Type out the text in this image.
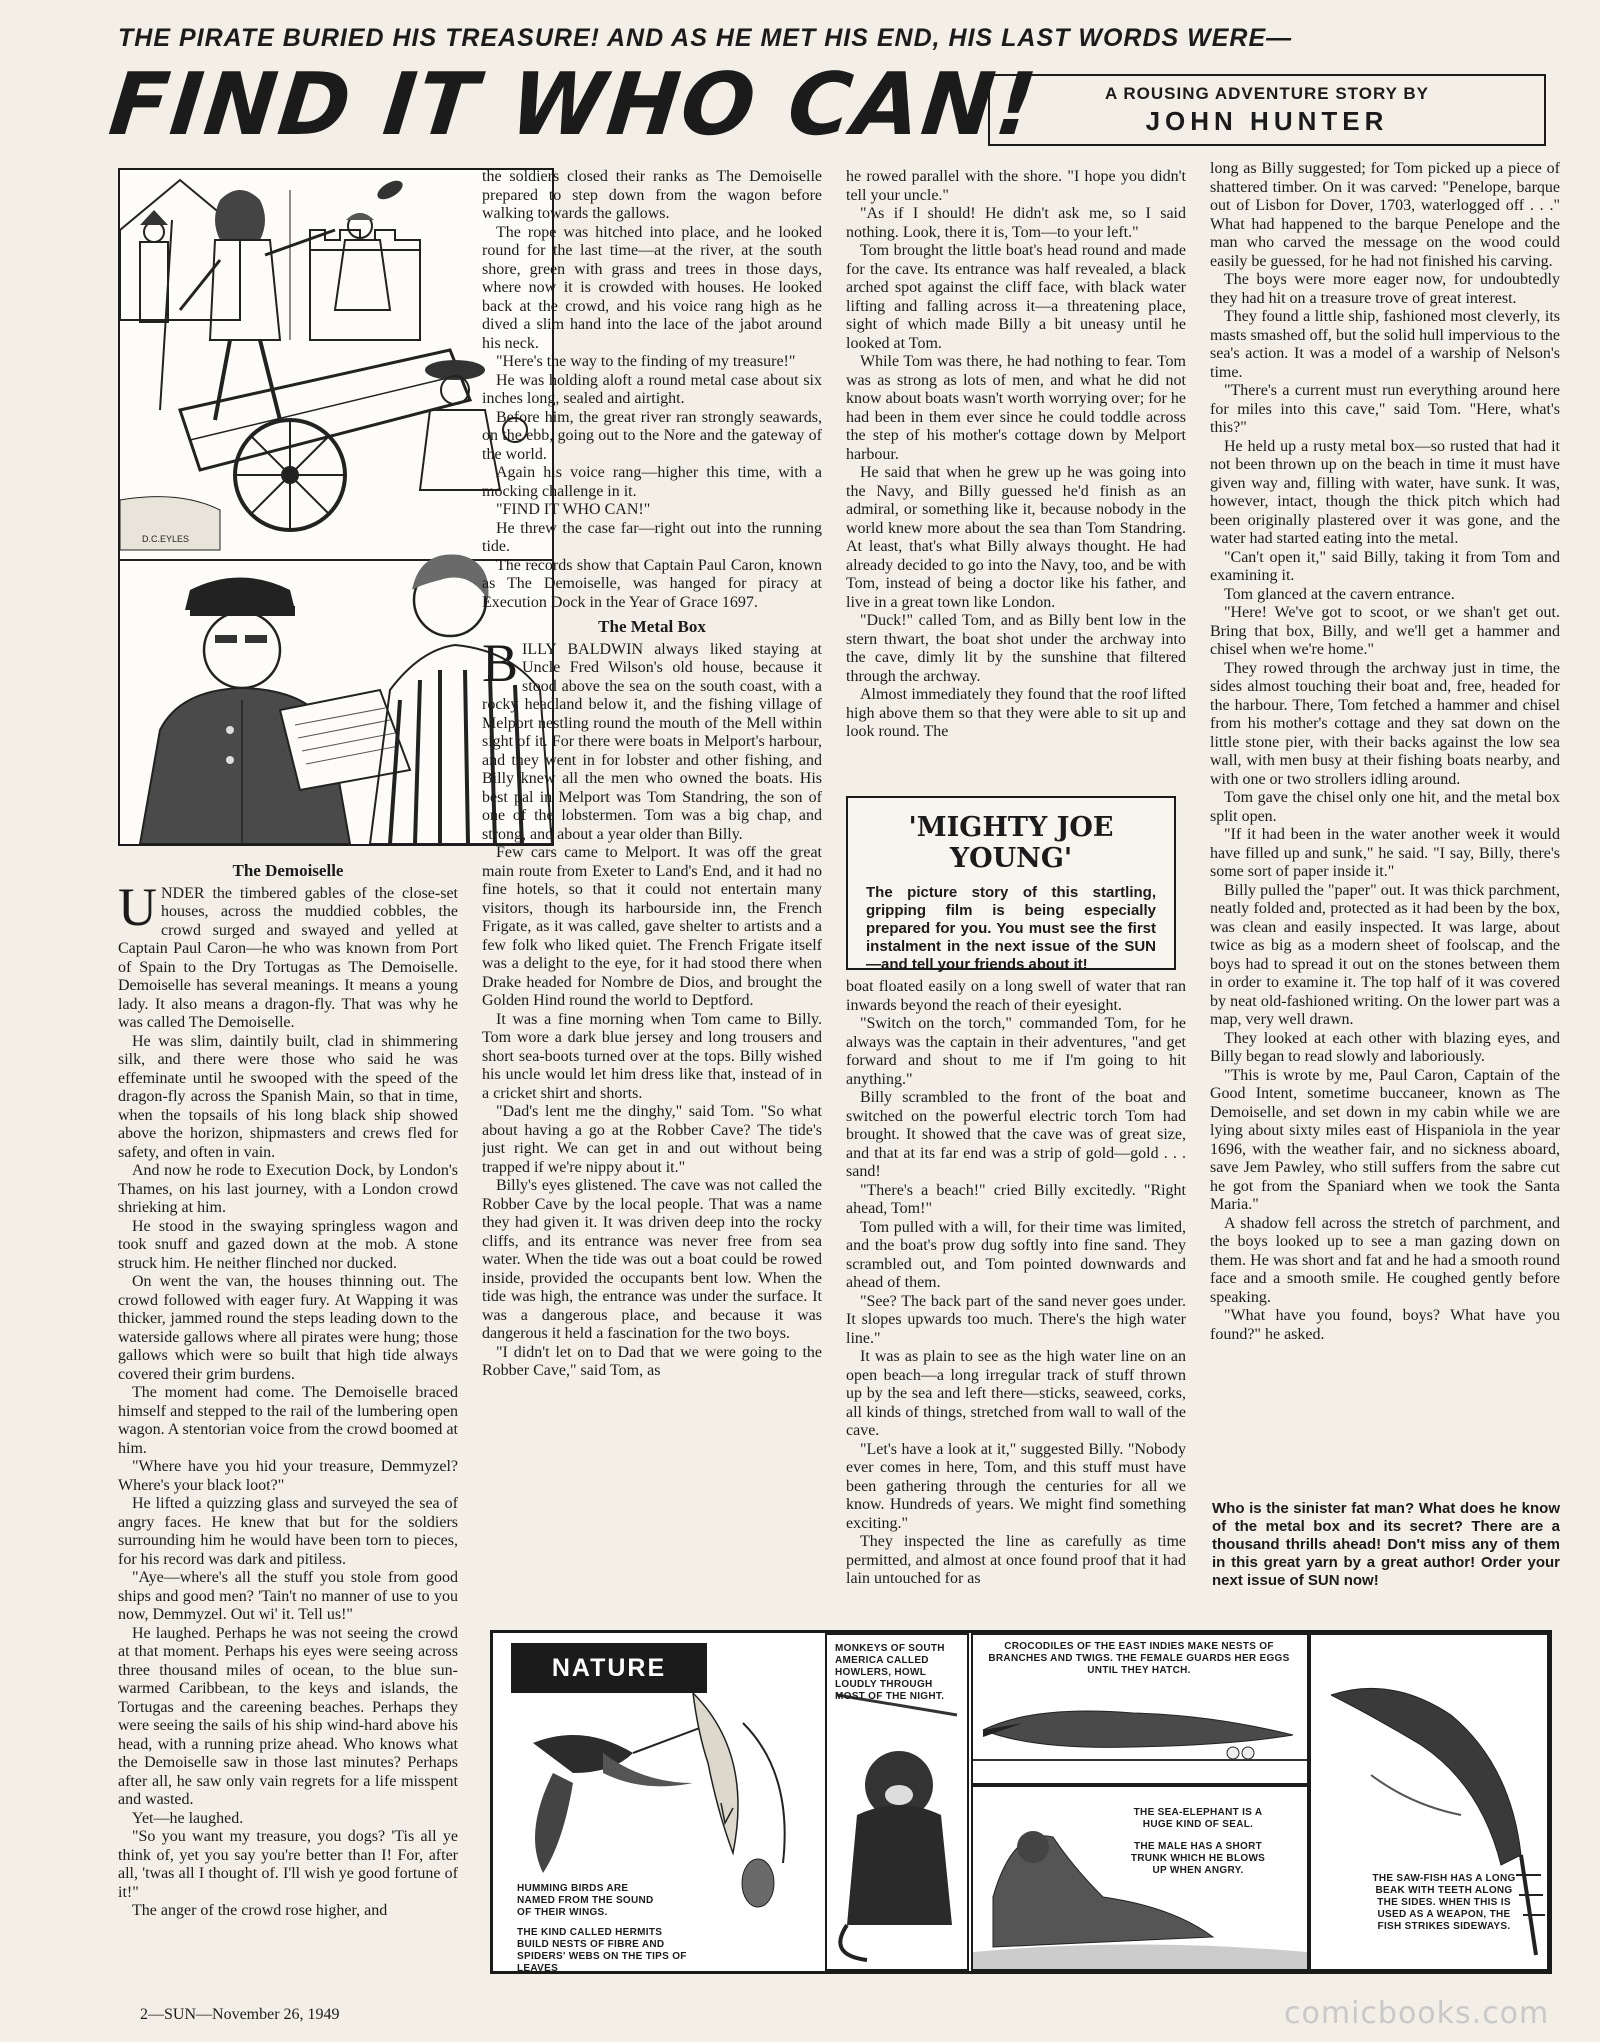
THE PIRATE BURIED HIS TREASURE! AND AS HE MET HIS END, HIS LAST WORDS WERE—
FIND IT WHO CAN!	A ROUSING ADVENTURE STORY BY
JOHN HUNTER
D.C.EYLES
The Demoiselle
U NDER the timbered gables of the close-set houses, across the muddied cobbles, the crowd surged and swayed and yelled at Captain Paul Caron—he who was known from Port of Spain to the Dry Tortugas as The Demoiselle. Demoiselle has several meanings. It means a young lady. It also means a dragon-fly. That was why he was called The Demoiselle.

He was slim, daintily built, clad in shimmering silk, and there were those who said he was effeminate until he swooped with the speed of the dragon-fly across the Spanish Main, so that in time, when the topsails of his long black ship showed above the horizon, shipmasters and crews fled for safety, and often in vain.

And now he rode to Execution Dock, by London's Thames, on his last journey, with a London crowd shrieking at him.

He stood in the swaying springless wagon and took snuff and gazed down at the mob. A stone struck him. He neither flinched nor ducked.

On went the van, the houses thinning out. The crowd followed with eager fury. At Wapping it was thicker, jammed round the steps leading down to the waterside gallows where all pirates were hung; those gallows which were so built that high tide always covered their grim burdens.

The moment had come. The Demoiselle braced himself and stepped to the rail of the lumbering open wagon. A stentorian voice from the crowd boomed at him.

"Where have you hid your treasure, Demmyzel? Where's your black loot?"

He lifted a quizzing glass and surveyed the sea of angry faces. He knew that but for the soldiers surrounding him he would have been torn to pieces, for his record was dark and pitiless.

"Aye—where's all the stuff you stole from good ships and good men? 'Tain't no manner of use to you now, Demmyzel. Out wi' it. Tell us!"

He laughed. Perhaps he was not seeing the crowd at that moment. Perhaps his eyes were seeing across three thousand miles of ocean, to the blue sun-warmed Caribbean, to the keys and islands, the Tortugas and the careening beaches. Perhaps they were seeing the sails of his ship wind-hard above his head, with a running prize ahead. Who knows what the Demoiselle saw in those last minutes? Perhaps after all, he saw only vain regrets for a life misspent and wasted.

Yet—he laughed.

"So you want my treasure, you dogs? 'Tis all ye think of, yet you say you're better than I! For, after all, 'twas all I thought of. I'll wish ye good fortune of it!"

The anger of the crowd rose higher, and

the soldiers closed their ranks as The Demoiselle prepared to step down from the wagon before walking towards the gallows.

The rope was hitched into place, and he looked round for the last time—at the river, at the south shore, green with grass and trees in those days, where now it is crowded with houses. He looked back at the crowd, and his voice rang high as he dived a slim hand into the lace of the jabot around his neck.

"Here's the way to the finding of my treasure!"

He was holding aloft a round metal case about six inches long, sealed and airtight.

Before him, the great river ran strongly seawards, on the ebb, going out to the Nore and the gateway of the world.

Again his voice rang—higher this time, with a mocking challenge in it.

"FIND IT WHO CAN!"

He threw the case far—right out into the running tide.

The records show that Captain Paul Caron, known as The Demoiselle, was hanged for piracy at Execution Dock in the Year of Grace 1697.

The Metal Box
B ILLY BALDWIN always liked staying at Uncle Fred Wilson's old house, because it stood above the sea on the south coast, with a rocky headland below it, and the fishing village of Melport nestling round the mouth of the Mell within sight of it. For there were boats in Melport's harbour, and they went in for lobster and other fishing, and Billy knew all the men who owned the boats. His best pal in Melport was Tom Standring, the son of one of the lobstermen. Tom was a big chap, and strong, and about a year older than Billy.

Few cars came to Melport. It was off the great main route from Exeter to Land's End, and it had no fine hotels, so that it could not entertain many visitors, though its harbourside inn, the French Frigate, as it was called, gave shelter to artists and a few folk who liked quiet. The French Frigate itself was a delight to the eye, for it had stood there when Drake headed for Nombre de Dios, and brought the Golden Hind round the world to Deptford.

It was a fine morning when Tom came to Billy. Tom wore a dark blue jersey and long trousers and short sea-boots turned over at the tops. Billy wished his uncle would let him dress like that, instead of in a cricket shirt and shorts.

"Dad's lent me the dinghy," said Tom. "So what about having a go at the Robber Cave? The tide's just right. We can get in and out without being trapped if we're nippy about it."

Billy's eyes glistened. The cave was not called the Robber Cave by the local people. That was a name they had given it. It was driven deep into the rocky cliffs, and its entrance was never free from sea water. When the tide was out a boat could be rowed inside, provided the occupants bent low. When the tide was high, the entrance was under the surface. It was a dangerous place, and because it was dangerous it held a fascination for the two boys.

"I didn't let on to Dad that we were going to the Robber Cave," said Tom, as

he rowed parallel with the shore. "I hope you didn't tell your uncle."

"As if I should! He didn't ask me, so I said nothing. Look, there it is, Tom—to your left."

Tom brought the little boat's head round and made for the cave. Its entrance was half revealed, a black arched spot against the cliff face, with black water lifting and falling across it—a threatening place, sight of which made Billy a bit uneasy until he looked at Tom.

While Tom was there, he had nothing to fear. Tom was as strong as lots of men, and what he did not know about boats wasn't worth worrying over; for he had been in them ever since he could toddle across the step of his mother's cottage down by Melport harbour.

He said that when he grew up he was going into the Navy, and Billy guessed he'd finish as an admiral, or something like it, because nobody in the world knew more about the sea than Tom Standring. At least, that's what Billy always thought. He had already decided to go into the Navy, too, and be with Tom, instead of being a doctor like his father, and live in a great town like London.

"Duck!" called Tom, and as Billy bent low in the stern thwart, the boat shot under the archway into the cave, dimly lit by the sunshine that filtered through the archway.

Almost immediately they found that the roof lifted high above them so that they were able to sit up and look round. The

'MIGHTY JOE YOUNG'
The picture story of this startling, gripping film is being especially prepared for you. You must see the first instalment in the next issue of the SUN—and tell your friends about it!

boat floated easily on a long swell of water that ran inwards beyond the reach of their eyesight.

"Switch on the torch," commanded Tom, for he always was the captain in their adventures, "and get forward and shout to me if I'm going to hit anything."

Billy scrambled to the front of the boat and switched on the powerful electric torch Tom had brought. It showed that the cave was of great size, and that at its far end was a strip of gold—gold . . . sand!

"There's a beach!" cried Billy excitedly. "Right ahead, Tom!"

Tom pulled with a will, for their time was limited, and the boat's prow dug softly into fine sand. They scrambled out, and Tom pointed downwards and ahead of them.

"See? The back part of the sand never goes under. It slopes upwards too much. There's the high water line."

It was as plain to see as the high water line on an open beach—a long irregular track of stuff thrown up by the sea and left there—sticks, seaweed, corks, all kinds of things, stretched from wall to wall of the cave.

"Let's have a look at it," suggested Billy. "Nobody ever comes in here, Tom, and this stuff must have been gathering through the centuries for all we know. Hundreds of years. We might find something exciting."

They inspected the line as carefully as time permitted, and almost at once found proof that it had lain untouched for as

long as Billy suggested; for Tom picked up a piece of shattered timber. On it was carved: "Penelope, barque out of Lisbon for Dover, 1703, waterlogged off . . ." What had happened to the barque Penelope and the man who carved the message on the wood could easily be guessed, for he had not finished his carving.

The boys were more eager now, for undoubtedly they had hit on a treasure trove of great interest.

They found a little ship, fashioned most cleverly, its masts smashed off, but the solid hull impervious to the sea's action. It was a model of a warship of Nelson's time.

"There's a current must run everything around here for miles into this cave," said Tom. "Here, what's this?"

He held up a rusty metal box—so rusted that had it not been thrown up on the beach in time it must have given way and, filling with water, have sunk. It was, however, intact, though the thick pitch which had been originally plastered over it was gone, and the water had started eating into the metal.

"Can't open it," said Billy, taking it from Tom and examining it.

Tom glanced at the cavern entrance.

"Here! We've got to scoot, or we shan't get out. Bring that box, Billy, and we'll get a hammer and chisel when we're home."

They rowed through the archway just in time, the sides almost touching their boat and, free, headed for the harbour. There, Tom fetched a hammer and chisel from his mother's cottage and they sat down on the little stone pier, with their backs against the low sea wall, with men busy at their fishing boats nearby, and with one or two strollers idling around.

Tom gave the chisel only one hit, and the metal box split open.

"If it had been in the water another week it would have filled up and sunk," he said. "I say, Billy, there's some sort of paper inside it."

Billy pulled the "paper" out. It was thick parchment, neatly folded and, protected as it had been by the box, was clean and easily inspected. It was large, about twice as big as a modern sheet of foolscap, and the boys had to spread it out on the stones between them in order to examine it. The top half of it was covered by neat old-fashioned writing. On the lower part was a map, very well drawn.

They looked at each other with blazing eyes, and Billy began to read slowly and laboriously.

"This is wrote by me, Paul Caron, Captain of the Good Intent, sometime buccaneer, known as The Demoiselle, and set down in my cabin while we are lying about sixty miles east of Hispaniola in the year 1696, with the weather fair, and no sickness aboard, save Jem Pawley, who still suffers from the sabre cut he got from the Spaniard when we took the Santa Maria."

A shadow fell across the stretch of parchment, and the boys looked up to see a man gazing down on them. He was short and fat and he had a smooth round face and a smooth smile. He coughed gently before speaking.

"What have you found, boys? What have you found?" he asked.

Who is the sinister fat man? What does he know of the metal box and its secret? There are a thousand thrills ahead! Don't miss any of them in this great yarn by a great author! Order your next issue of SUN now!
NATURE NOOK
HUMMING BIRDS ARE NAMED FROM THE SOUND OF THEIR WINGS.
THE KIND CALLED HERMITS BUILD NESTS OF FIBRE AND SPIDERS' WEBS ON THE TIPS OF LEAVES
MONKEYS OF SOUTH AMERICA CALLED HOWLERS, HOWL LOUDLY THROUGH MOST OF THE NIGHT.
CROCODILES OF THE EAST INDIES MAKE NESTS OF BRANCHES AND TWIGS. THE FEMALE GUARDS HER EGGS UNTIL THEY HATCH.
THE SEA-ELEPHANT IS A HUGE KIND OF SEAL.
THE MALE HAS A SHORT TRUNK WHICH HE BLOWS UP WHEN ANGRY.
THE SAW-FISH HAS A LONG BEAK WITH TEETH ALONG THE SIDES. WHEN THIS IS USED AS A WEAPON, THE FISH STRIKES SIDEWAYS.
2—SUN—November 26, 1949	comicbooks.com
